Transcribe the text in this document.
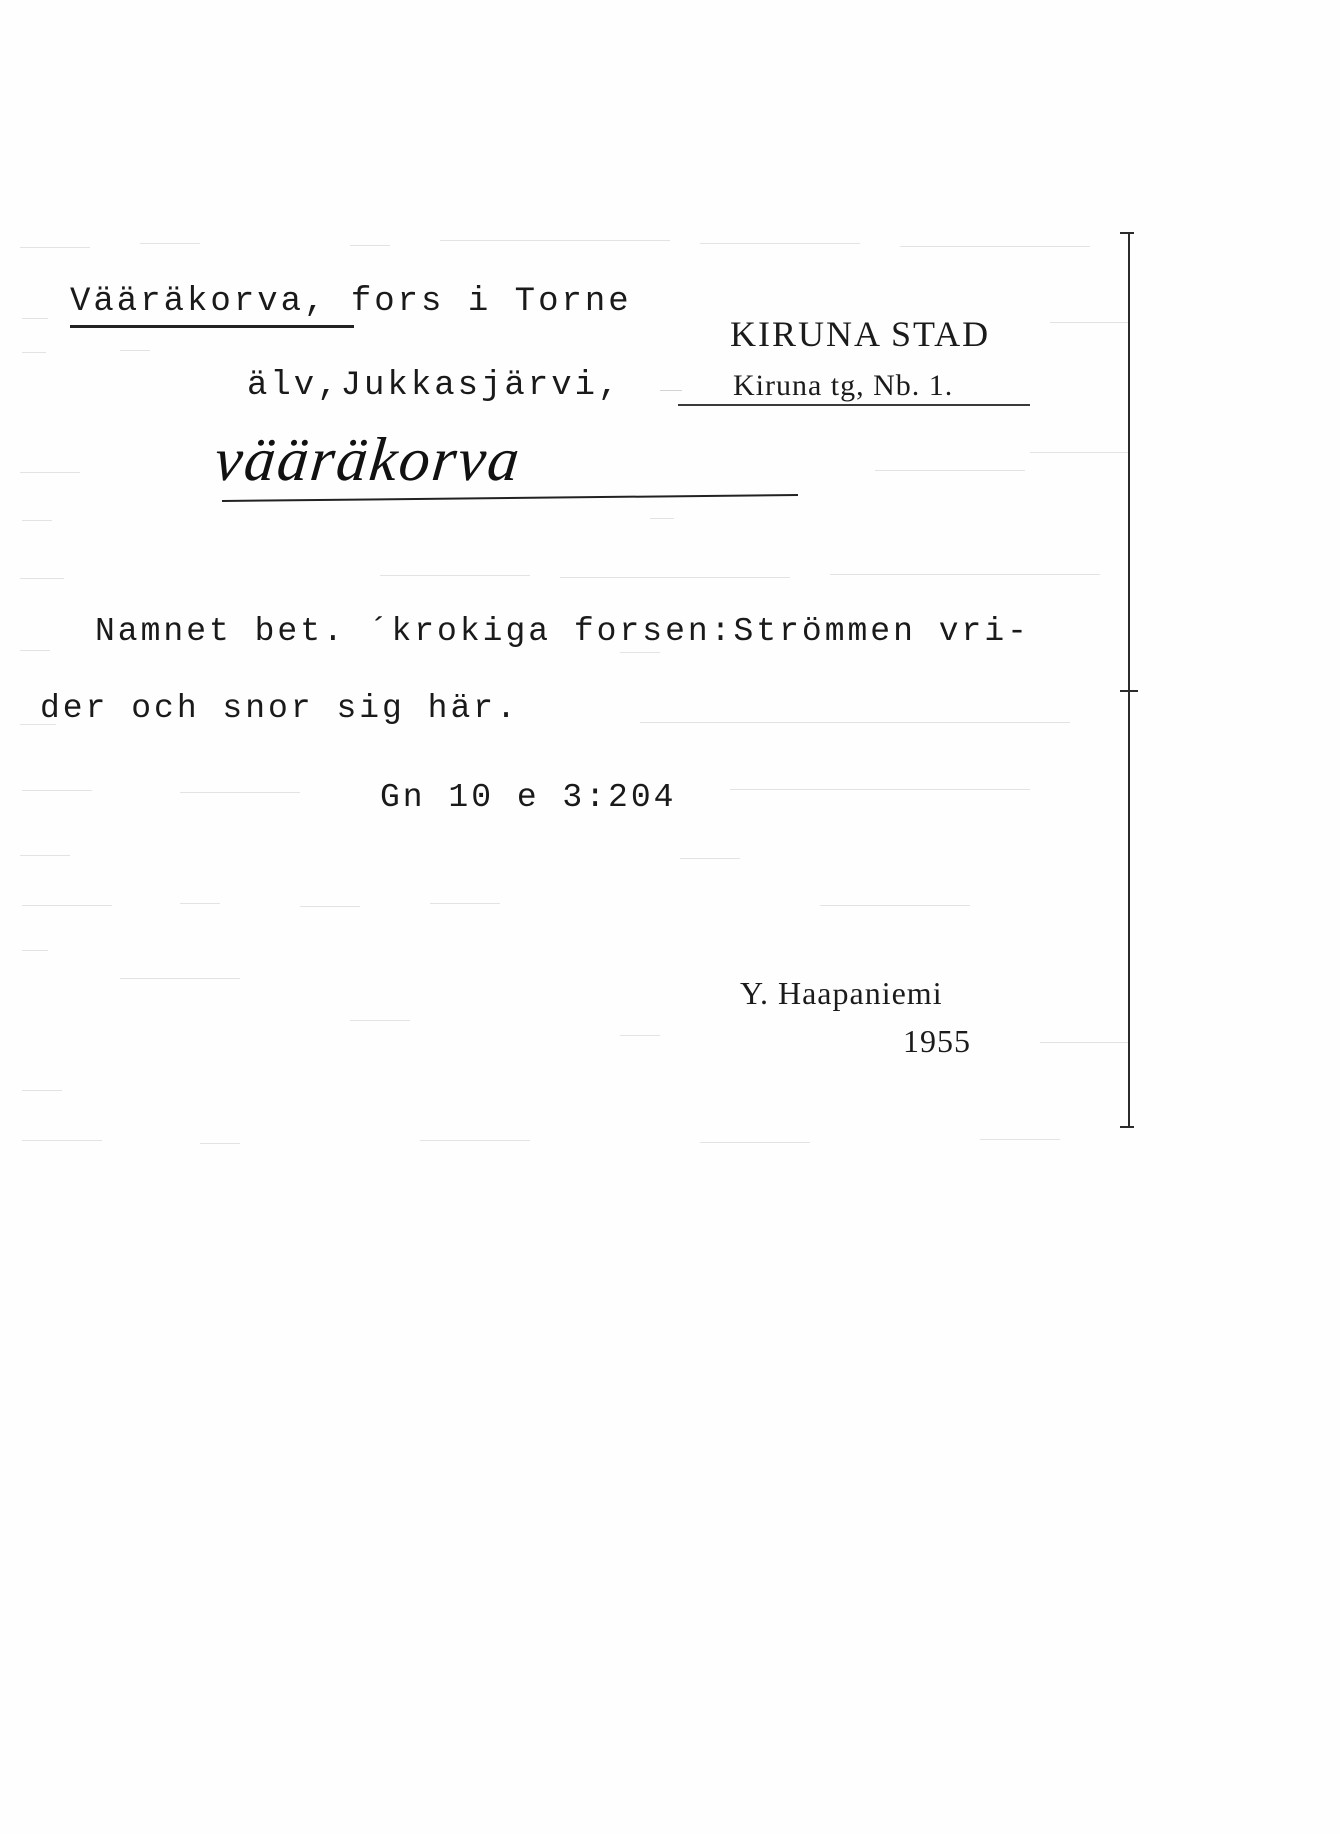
Vääräkorva, fors i Torne
älv,Jukkasjärvi,
KIRUNA STAD
Kiruna tg, Nb. 1.
vääräkorva
Namnet bet. ´krokiga forsen:Strömmen vri-
der och snor sig här.
Gn 10 e 3:204
Y. Haapaniemi
1955
